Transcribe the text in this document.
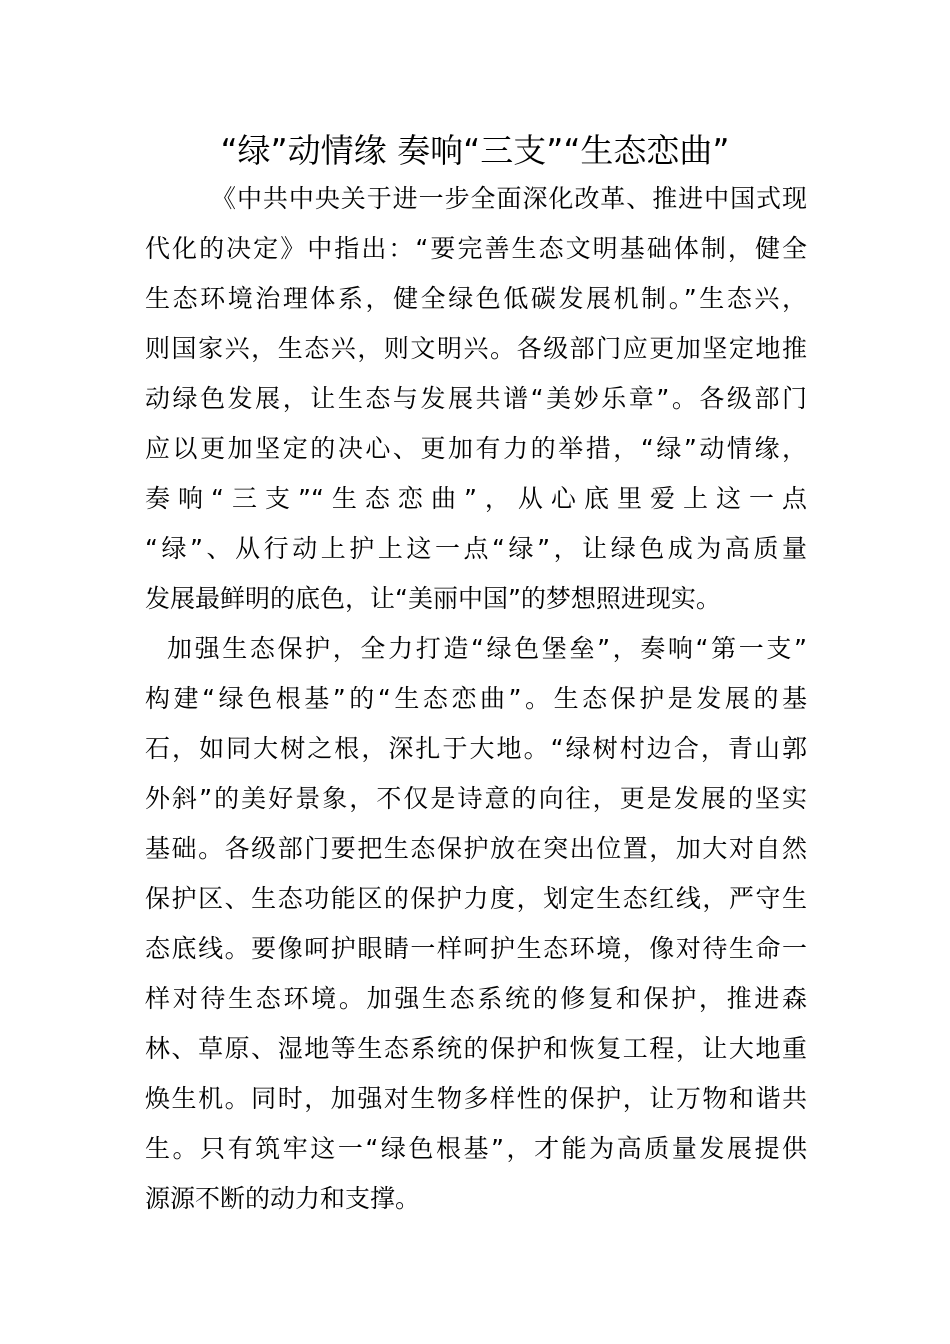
“绿”动情缘 奏响“三支”“生态恋曲”
《中共中央关于进一步全面深化改革、推进中国式现
代化的决定》中指出：“要完善生态文明基础体制，健全
生态环境治理体系，健全绿色低碳发展机制。”生态兴，
则国家兴，生态兴，则文明兴。各级部门应更加坚定地推
动绿色发展，让生态与发展共谱“美妙乐章”。各级部门
应以更加坚定的决心、更加有力的举措，“绿”动情缘，
奏响“三支”“生态恋曲”，从心底里爱上这一点
“绿”、从行动上护上这一点“绿”，让绿色成为高质量
发展最鲜明的底色，让“美丽中国”的梦想照进现实。
加强生态保护，全力打造“绿色堡垒”，奏响“第一支”
构建“绿色根基”的“生态恋曲”。生态保护是发展的基
石，如同大树之根，深扎于大地。“绿树村边合，青山郭
外斜”的美好景象，不仅是诗意的向往，更是发展的坚实
基础。各级部门要把生态保护放在突出位置，加大对自然
保护区、生态功能区的保护力度，划定生态红线，严守生
态底线。要像呵护眼睛一样呵护生态环境，像对待生命一
样对待生态环境。加强生态系统的修复和保护，推进森
林、草原、湿地等生态系统的保护和恢复工程，让大地重
焕生机。同时，加强对生物多样性的保护，让万物和谐共
生。只有筑牢这一“绿色根基”，才能为高质量发展提供
源源不断的动力和支撑。
